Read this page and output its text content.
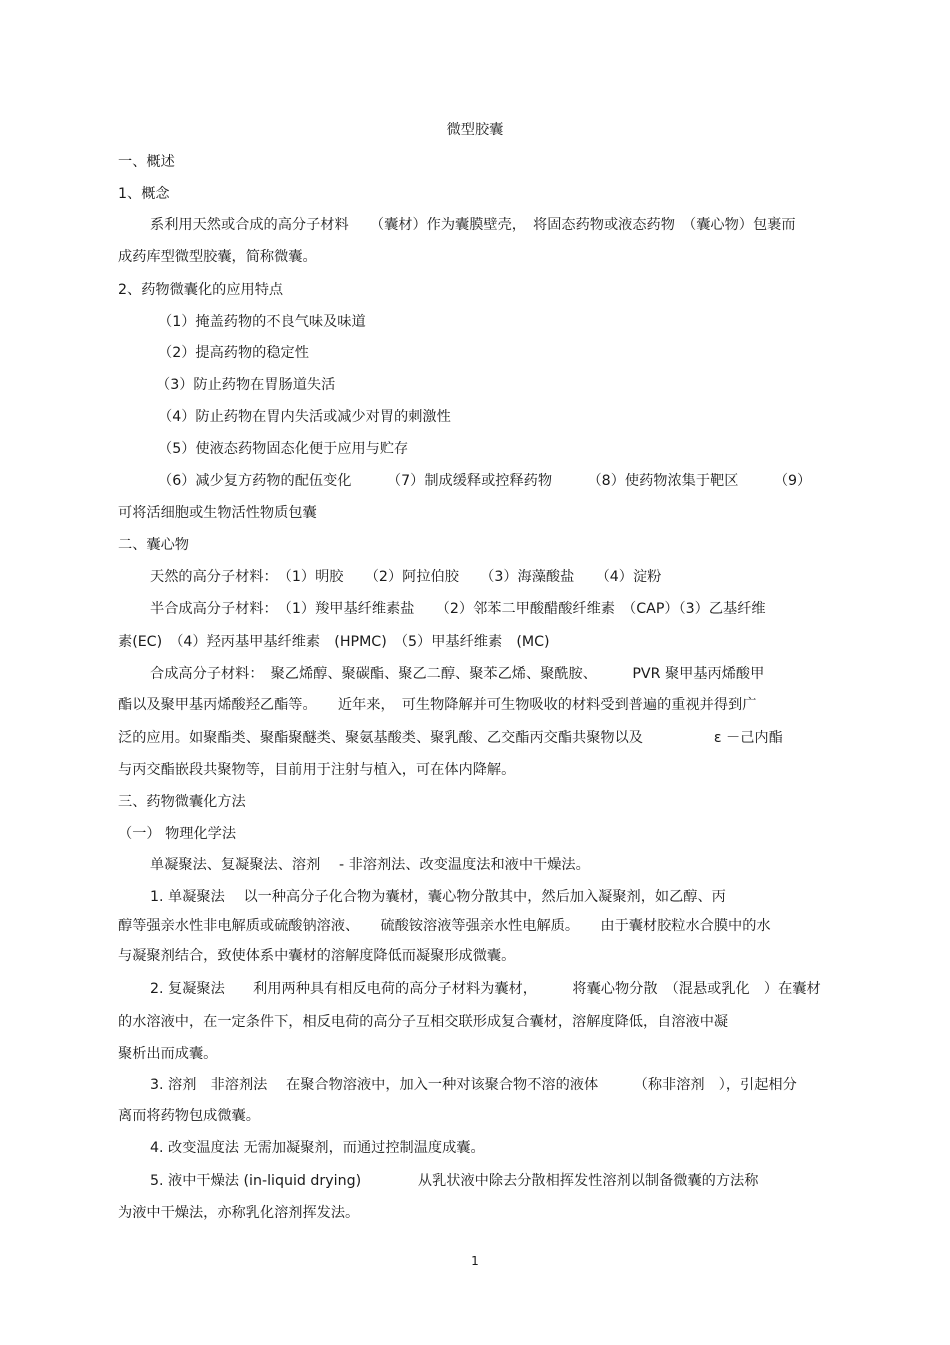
微型胶囊

一、概述

1、概念

系利用天然或合成的高分子材料　　（囊材）作为囊膜壁壳，　将固态药物或液态药物　（囊心物）包裹而

成药库型微型胶囊，简称微囊。

2、药物微囊化的应用特点

（1）掩盖药物的不良气味及味道

（2）提高药物的稳定性

（3）防止药物在胃肠道失活

（4）防止药物在胃内失活或减少对胃的刺激性

（5）使液态药物固态化便于应用与贮存

（6）减少复方药物的配伍变化　　　（7）制成缓释或控释药物　　　（8）使药物浓集于靶区　　　（9）

可将活细胞或生物活性物质包囊

二、囊心物

天然的高分子材料：　（1）明胶　　（2）阿拉伯胶　　（3）海藻酸盐　　（4）淀粉

半合成高分子材料：　（1）羧甲基纤维素盐　　（2）邻苯二甲酸醋酸纤维素　（CAP）（3）乙基纤维

素(EC)　（4）羟丙基甲基纤维素　(HPMC)　（5）甲基纤维素　(MC)

合成高分子材料：　聚乙烯醇、聚碳酯、聚乙二醇、聚苯乙烯、聚酰胺、　　　PVR 聚甲基丙烯酸甲

酯以及聚甲基丙烯酸羟乙酯等。　　近年来，　可生物降解并可生物吸收的材料受到普遍的重视并得到广

泛的应用。如聚酯类、聚酯聚醚类、聚氨基酸类、聚乳酸、乙交酯丙交酯共聚物以及　　　　　ε －己内酯

与丙交酯嵌段共聚物等，目前用于注射与植入，可在体内降解。

三、药物微囊化方法

（一） 物理化学法

单凝聚法、复凝聚法、溶剂　 - 非溶剂法、改变温度法和液中干燥法。

1. 单凝聚法　 以一种高分子化合物为囊材，囊心物分散其中，然后加入凝聚剂，如乙醇、丙

醇等强亲水性非电解质或硫酸钠溶液、　　硫酸铵溶液等强亲水性电解质。　　由于囊材胶粒水合膜中的水

与凝聚剂结合，致使体系中囊材的溶解度降低而凝聚形成微囊。

2. 复凝聚法　　利用两种具有相反电荷的高分子材料为囊材，　　　将囊心物分散　（混悬或乳化　）在囊材

的水溶液中，在一定条件下，相反电荷的高分子互相交联形成复合囊材，溶解度降低，自溶液中凝

聚析出而成囊。

3. 溶剂　非溶剂法　 在聚合物溶液中，加入一种对该聚合物不溶的液体　　　（称非溶剂　），引起相分

离而将药物包成微囊。

4. 改变温度法 无需加凝聚剂，而通过控制温度成囊。

5. 液中干燥法 (in-liquid drying)　　　　从乳状液中除去分散相挥发性溶剂以制备微囊的方法称

为液中干燥法，亦称乳化溶剂挥发法。

1
